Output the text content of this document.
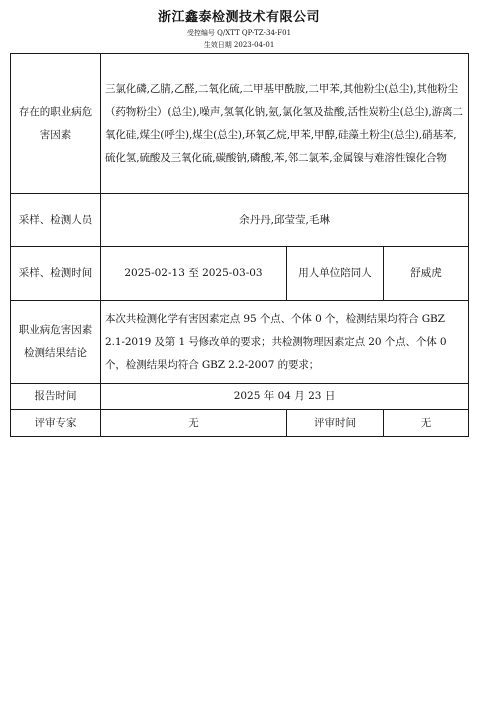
浙江鑫泰检测技术有限公司
受控编号 Q/XTT QP-TZ-34-F01
生效日期 2023-04-01
存在的职业病危害因素	三氯化磷,乙腈,乙醛,二氧化硫,二甲基甲酰胺,二甲苯,其他粉尘(总尘),其他粉尘（药物粉尘）(总尘),噪声,氢氧化钠,氨,氯化氢及盐酸,活性炭粉尘(总尘),游离二氧化硅,煤尘(呼尘),煤尘(总尘),环氧乙烷,甲苯,甲醇,硅藻土粉尘(总尘),硝基苯,硫化氢,硫酸及三氧化硫,碳酸钠,磷酸,苯,邻二氯苯,金属镍与难溶性镍化合物		
采样、检测人员	余丹丹,邱莹莹,毛琳		
采样、检测时间	2025-02-13 至 2025-03-03	用人单位陪同人	舒威虎
职业病危害因素检测结果结论	本次共检测化学有害因素定点 95 个点、个体 0 个，检测结果均符合 GBZ 2.1-2019 及第 1 号修改单的要求；共检测物理因素定点 20 个点、个体 0 个，检测结果均符合 GBZ 2.2-2007 的要求；		
报告时间	2025 年 04 月 23 日		
评审专家	无	评审时间	无
